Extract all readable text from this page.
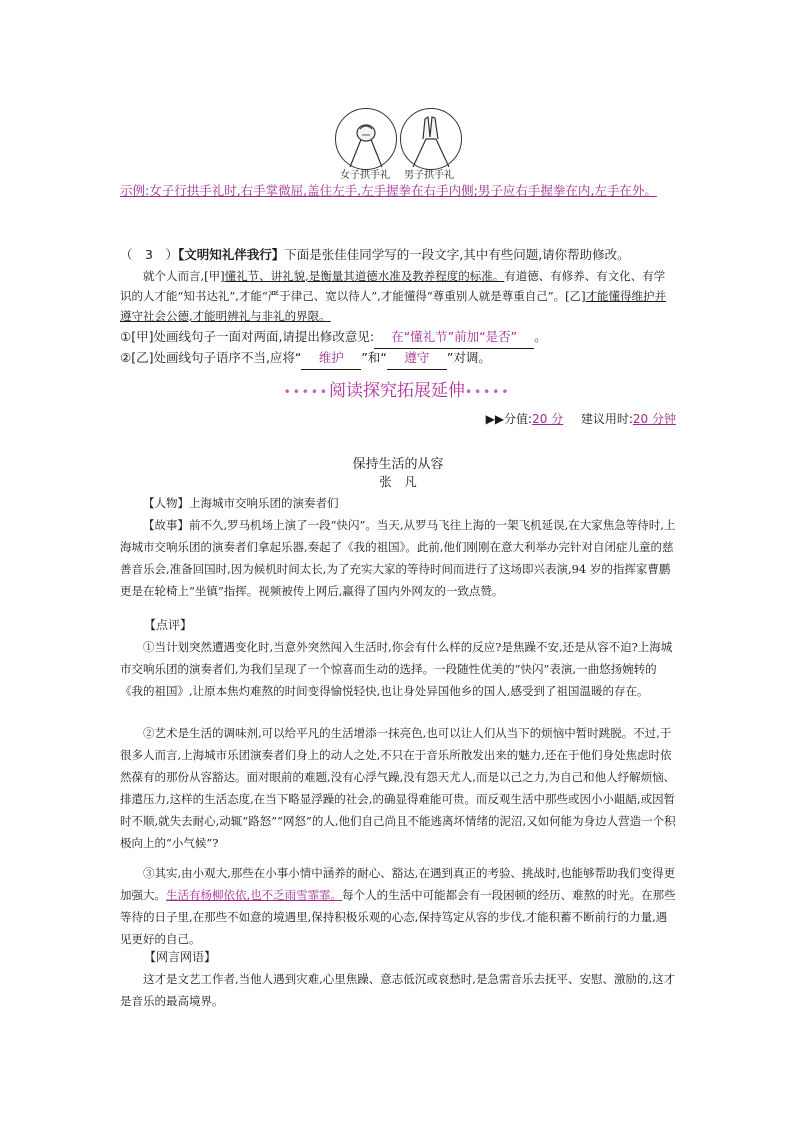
女子拱手礼 男子拱手礼
示例:女子行拱手礼时,右手掌微屈,盖住左手,左手握拳在右手内侧;男子应右手握拳在内,左手在外。
（　3　）【文明知礼伴我行】下面是张佳佳同学写的一段文字,其中有些问题,请你帮助修改。
就个人而言,[甲]懂礼节、讲礼貌,是衡量其道德水准及教养程度的标准。有道德、有修养、有文化、有学识的人才能“知书达礼”,才能“严于律己、宽以待人”,才能懂得“尊重别人就是尊重自己”。[乙]才能懂得维护并遵守社会公德,才能明辨礼与非礼的界限。
①[甲]处画线句子一面对两面,请提出修改意见: 在“懂礼节”前加“是否” 。
②[乙]处画线句子语序不当,应将“ 维护 ”和“ 遵守 ”对调。
•••••阅读探究拓展延伸•••••
▶▶分值:20 分 建议用时:20 分钟
保持生活的从容
张　凡
【人物】上海城市交响乐团的演奏者们
【故事】前不久,罗马机场上演了一段“快闪”。当天,从罗马飞往上海的一架飞机延误,在大家焦急等待时,上海城市交响乐团的演奏者们拿起乐器,奏起了《我的祖国》。此前,他们刚刚在意大利举办完针对自闭症儿童的慈善音乐会,准备回国时,因为候机时间太长,为了充实大家的等待时间而进行了这场即兴表演,94 岁的指挥家曹鹏更是在轮椅上“坐镇”指挥。视频被传上网后,赢得了国内外网友的一致点赞。
【点评】
①当计划突然遭遇变化时,当意外突然闯入生活时,你会有什么样的反应?是焦躁不安,还是从容不迫?上海城市交响乐团的演奏者们,为我们呈现了一个惊喜而生动的选择。一段随性优美的“快闪”表演,一曲悠扬婉转的《我的祖国》,让原本焦灼难熬的时间变得愉悦轻快,也让身处异国他乡的国人,感受到了祖国温暖的存在。
②艺术是生活的调味剂,可以给平凡的生活增添一抹亮色,也可以让人们从当下的烦恼中暂时跳脱。不过,于很多人而言,上海城市乐团演奏者们身上的动人之处,不只在于音乐所散发出来的魅力,还在于他们身处焦虑时依然葆有的那份从容豁达。面对眼前的难题,没有心浮气躁,没有怨天尤人,而是以己之力,为自己和他人纾解烦恼、排遣压力,这样的生活态度,在当下略显浮躁的社会,的确显得难能可贵。而反观生活中那些或因小小龃龉,或因暂时不顺,就失去耐心,动辄“路怒”“网怒”的人,他们自己尚且不能逃离坏情绪的泥沼,又如何能为身边人营造一个积极向上的“小气候”?
③其实,由小观大,那些在小事小情中涵养的耐心、豁达,在遇到真正的考验、挑战时,也能够帮助我们变得更加强大。生活有杨柳依依,也不乏雨雪霏霏。每个人的生活中可能都会有一段困顿的经历、难熬的时光。在那些等待的日子里,在那些不如意的境遇里,保持积极乐观的心态,保持笃定从容的步伐,才能积蓄不断前行的力量,遇见更好的自己。
【网言网语】
这才是文艺工作者,当他人遇到灾难,心里焦躁、意志低沉或哀愁时,是急需音乐去抚平、安慰、激励的,这才是音乐的最高境界。
